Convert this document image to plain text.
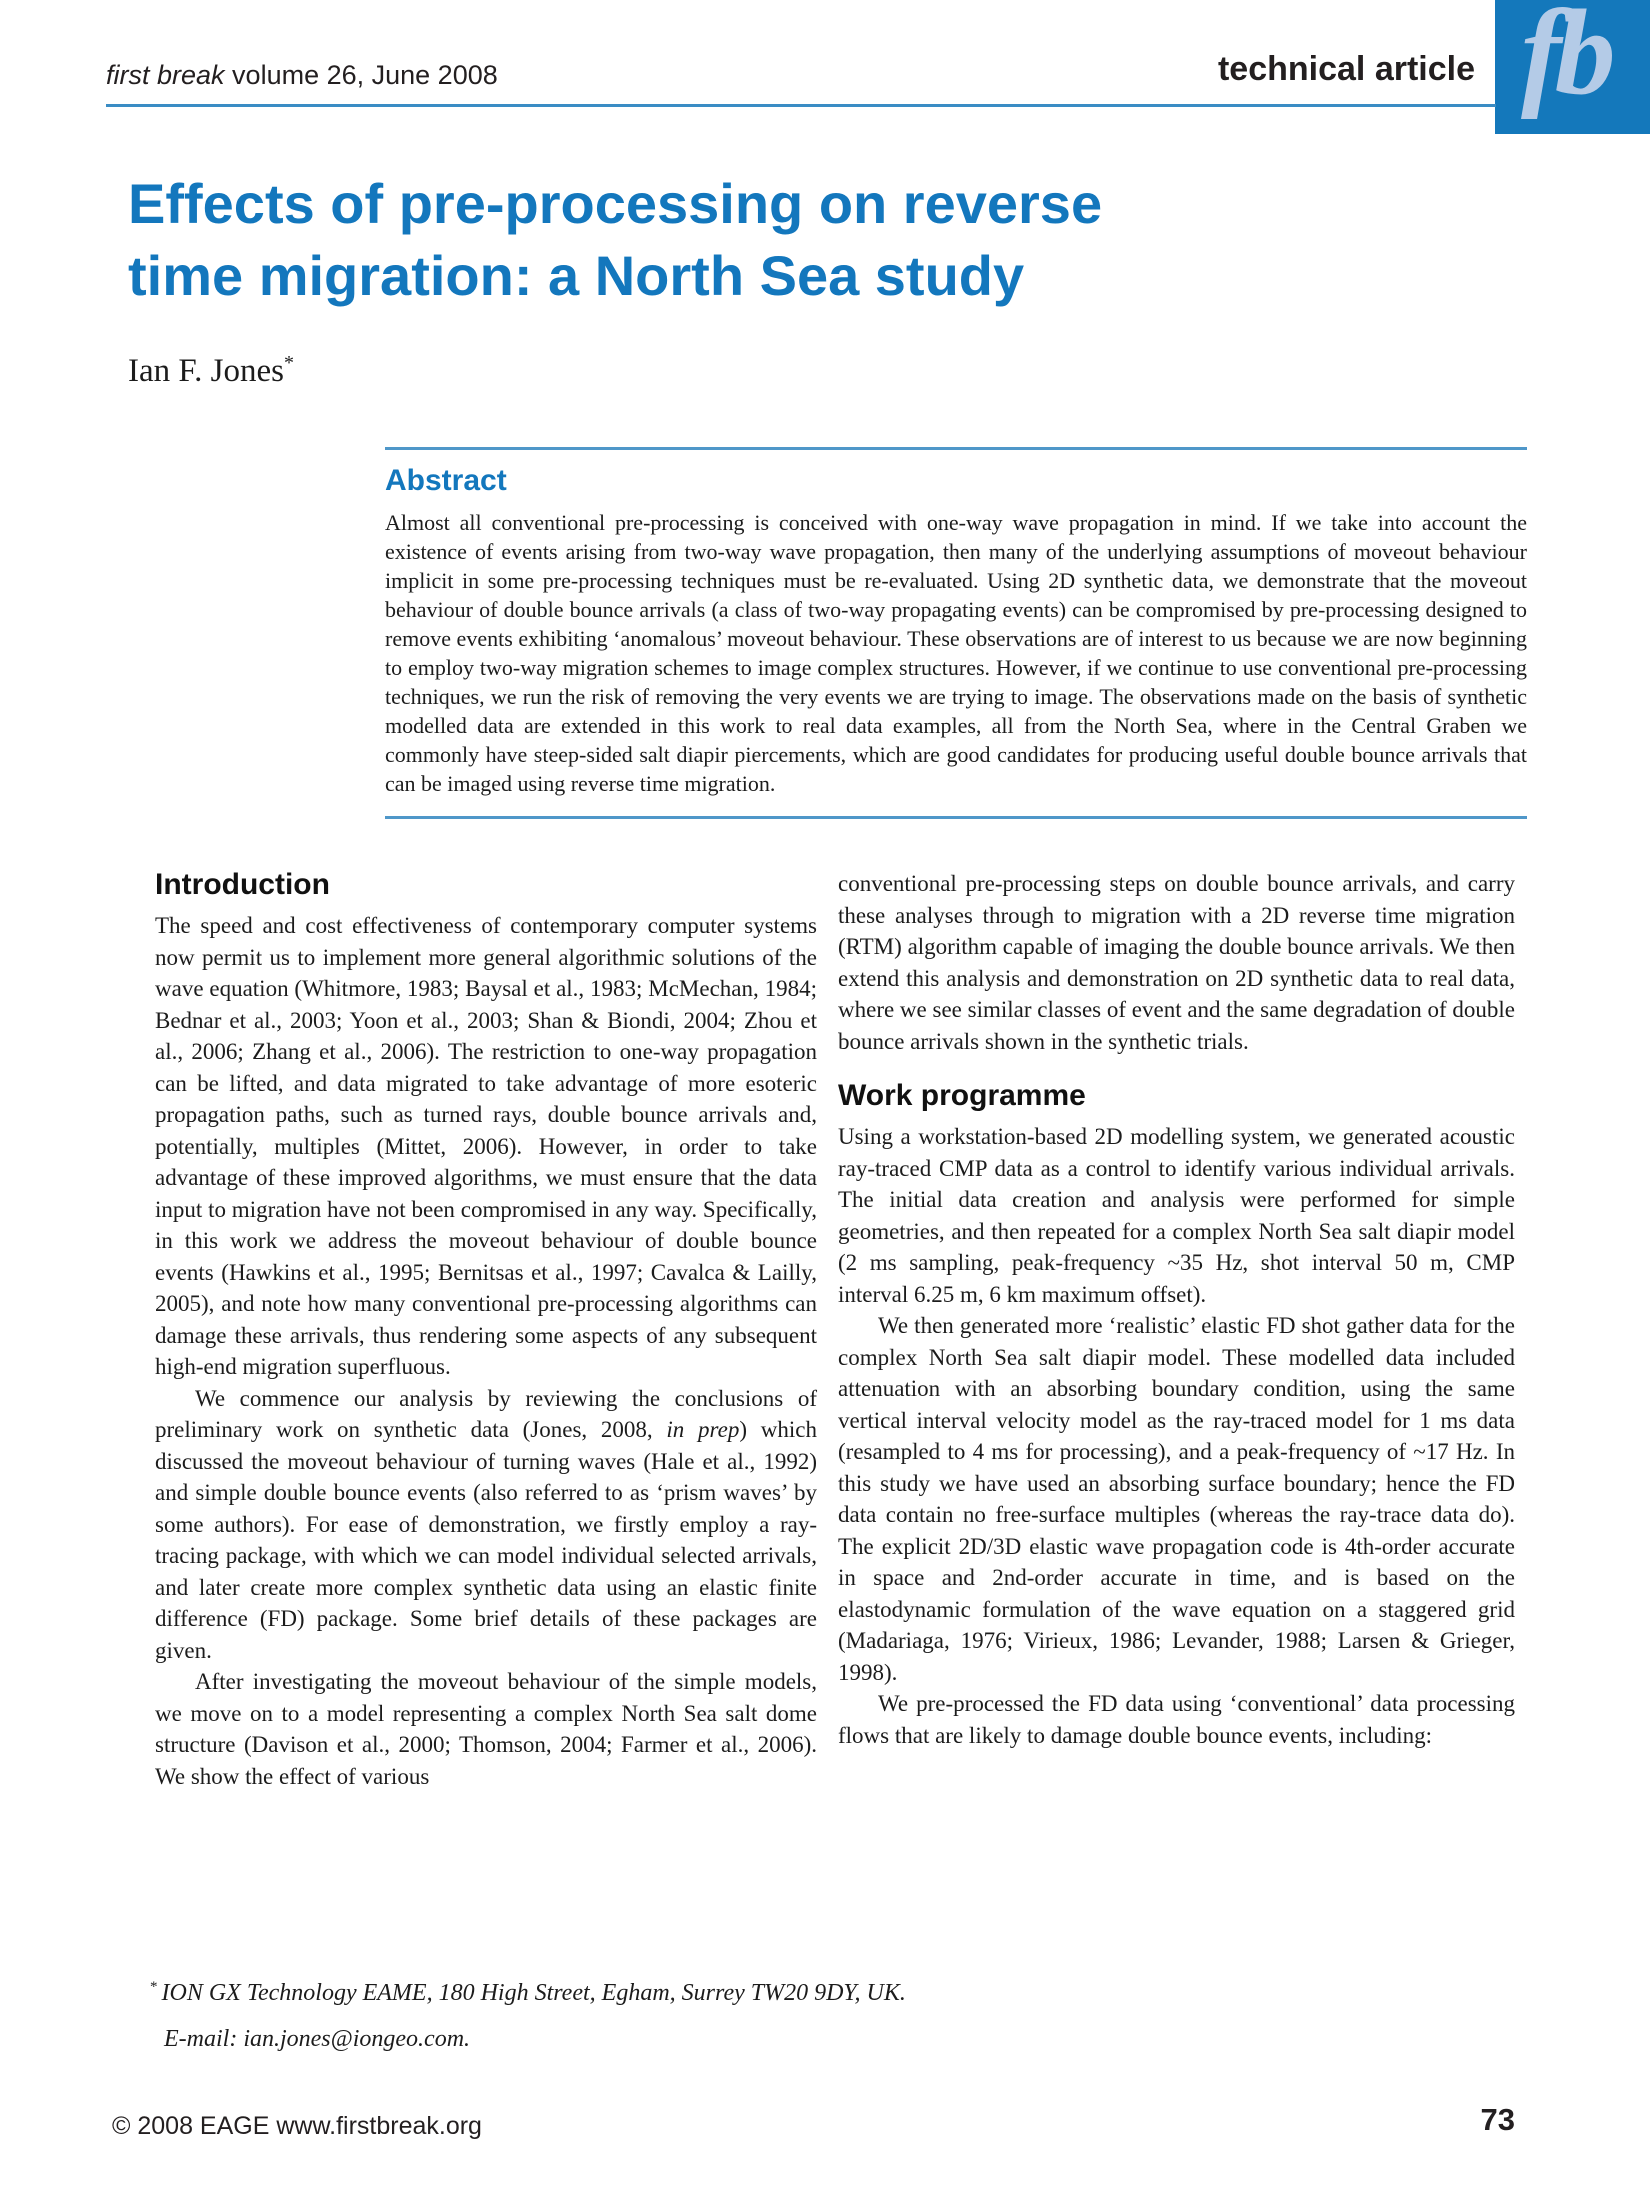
first break volume 26, June 2008	technical article fb
Effects of pre-processing on reverse
time migration: a North Sea study
Ian F. Jones*
Abstract
Almost all conventional pre-processing is conceived with one-way wave propagation in mind. If we take into account the existence of events arising from two-way wave propagation, then many of the underlying assumptions of moveout behaviour implicit in some pre-processing techniques must be re-evaluated. Using 2D synthetic data, we demonstrate that the moveout behaviour of double bounce arrivals (a class of two-way propagating events) can be compromised by pre-processing designed to remove events exhibiting ‘anomalous’ moveout behaviour. These observations are of interest to us because we are now beginning to employ two-way migration schemes to image complex structures. However, if we continue to use conventional pre-processing techniques, we run the risk of removing the very events we are trying to image. The observations made on the basis of synthetic modelled data are extended in this work to real data examples, all from the North Sea, where in the Central Graben we commonly have steep-sided salt diapir piercements, which are good candidates for producing useful double bounce arrivals that can be imaged using reverse time migration.
Introduction

The speed and cost effectiveness of contemporary computer systems now permit us to implement more general algorithmic solutions of the wave equation (Whitmore, 1983; Baysal et al., 1983; McMechan, 1984; Bednar et al., 2003; Yoon et al., 2003; Shan & Biondi, 2004; Zhou et al., 2006; Zhang et al., 2006). The restriction to one-way propagation can be lifted, and data migrated to take advantage of more esoteric propagation paths, such as turned rays, double bounce arrivals and, potentially, multiples (Mittet, 2006). However, in order to take advantage of these improved algorithms, we must ensure that the data input to migration have not been compromised in any way. Specifically, in this work we address the moveout behaviour of double bounce events (Hawkins et al., 1995; Bernitsas et al., 1997; Cavalca & Lailly, 2005), and note how many conventional pre-processing algorithms can damage these arrivals, thus rendering some aspects of any subsequent high-end migration superfluous.

We commence our analysis by reviewing the conclusions of preliminary work on synthetic data (Jones, 2008, in prep) which discussed the moveout behaviour of turning waves (Hale et al., 1992) and simple double bounce events (also referred to as ‘prism waves’ by some authors). For ease of demonstration, we firstly employ a ray-tracing package, with which we can model individual selected arrivals, and later create more complex synthetic data using an elastic finite difference (FD) package. Some brief details of these packages are given.

After investigating the moveout behaviour of the simple models, we move on to a model representing a complex North Sea salt dome structure (Davison et al., 2000; Thomson, 2004; Farmer et al., 2006). We show the effect of various

conventional pre-processing steps on double bounce arrivals, and carry these analyses through to migration with a 2D reverse time migration (RTM) algorithm capable of imaging the double bounce arrivals. We then extend this analysis and demonstration on 2D synthetic data to real data, where we see similar classes of event and the same degradation of double bounce arrivals shown in the synthetic trials.

Work programme

Using a workstation-based 2D modelling system, we generated acoustic ray-traced CMP data as a control to identify various individual arrivals. The initial data creation and analysis were performed for simple geometries, and then repeated for a complex North Sea salt diapir model (2 ms sampling, peak-frequency ~35 Hz, shot interval 50 m, CMP interval 6.25 m, 6 km maximum offset).

We then generated more ‘realistic’ elastic FD shot gather data for the complex North Sea salt diapir model. These modelled data included attenuation with an absorbing boundary condition, using the same vertical interval velocity model as the ray-traced model for 1 ms data (resampled to 4 ms for processing), and a peak-frequency of ~17 Hz. In this study we have used an absorbing surface boundary; hence the FD data contain no free-surface multiples (whereas the ray-trace data do). The explicit 2D/3D elastic wave propagation code is 4th-order accurate in space and 2nd-order accurate in time, and is based on the elastodynamic formulation of the wave equation on a staggered grid (Madariaga, 1976; Virieux, 1986; Levander, 1988; Larsen & Grieger, 1998).

We pre-processed the FD data using ‘conventional’ data processing flows that are likely to damage double bounce events, including:

* ION GX Technology EAME, 180 High Street, Egham, Surrey TW20 9DY, UK.
E-mail: ian.jones@iongeo.com.
© 2008 EAGE www.firstbreak.org	73
